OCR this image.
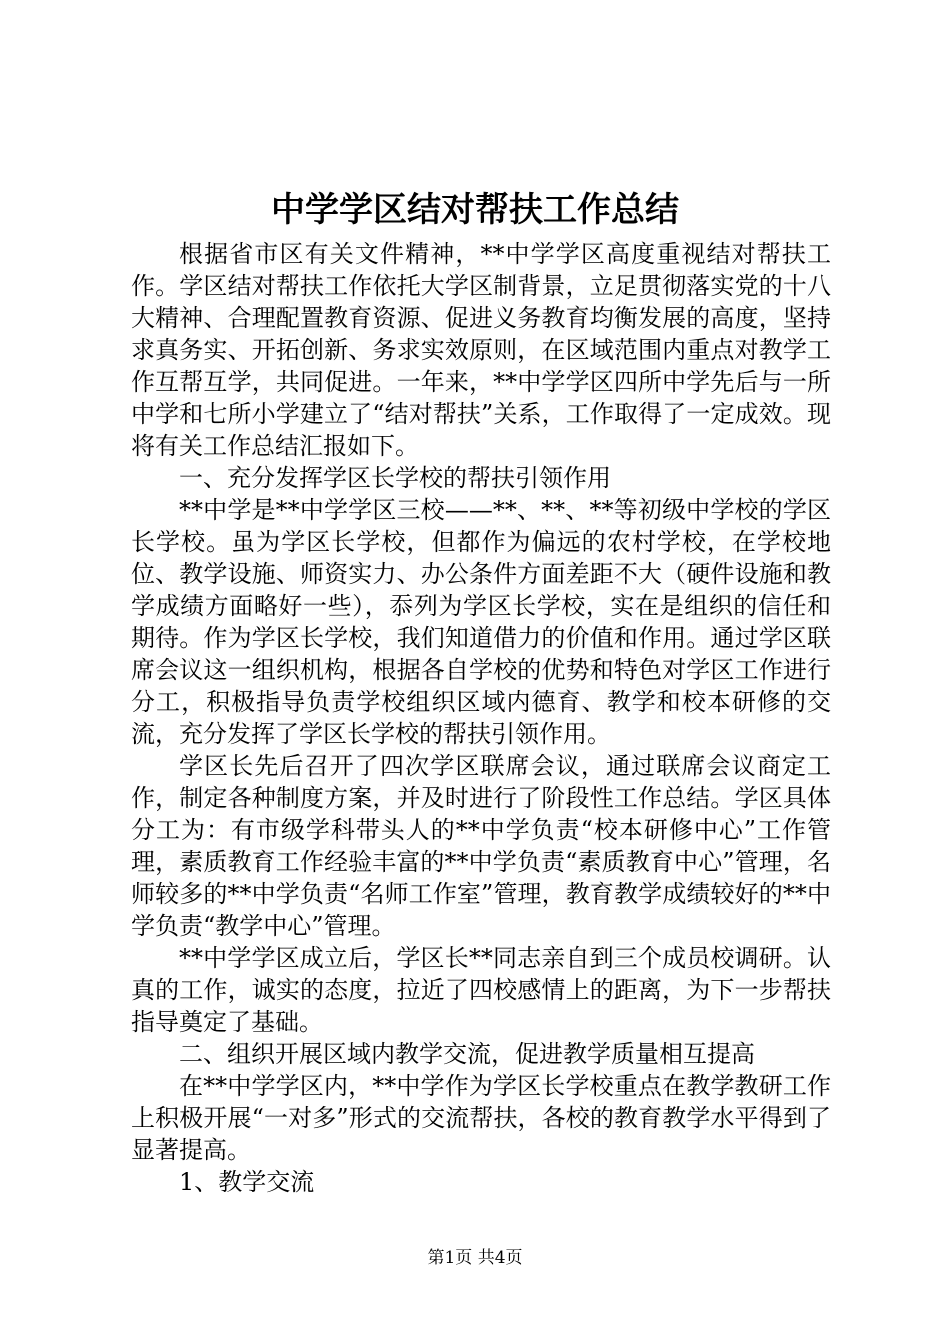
中学学区结对帮扶工作总结

根据省市区有关文件精神，**中学学区高度重视结对帮扶工作。学区结对帮扶工作依托大学区制背景，立足贯彻落实党的十八大精神、合理配置教育资源、促进义务教育均衡发展的高度，坚持求真务实、开拓创新、务求实效原则，在区域范围内重点对教学工作互帮互学，共同促进。一年来，**中学学区四所中学先后与一所中学和七所小学建立了“结对帮扶”关系，工作取得了一定成效。现将有关工作总结汇报如下。

一、充分发挥学区长学校的帮扶引领作用

**中学是**中学学区三校——**、**、**等初级中学校的学区长学校。虽为学区长学校，但都作为偏远的农村学校，在学校地位、教学设施、师资实力、办公条件方面差距不大（硬件设施和教学成绩方面略好一些），忝列为学区长学校，实在是组织的信任和期待。作为学区长学校，我们知道借力的价值和作用。通过学区联席会议这一组织机构，根据各自学校的优势和特色对学区工作进行分工，积极指导负责学校组织区域内德育、教学和校本研修的交流，充分发挥了学区长学校的帮扶引领作用。

学区长先后召开了四次学区联席会议，通过联席会议商定工作，制定各种制度方案，并及时进行了阶段性工作总结。学区具体分工为：有市级学科带头人的**中学负责“校本研修中心”工作管理，素质教育工作经验丰富的**中学负责“素质教育中心”管理，名师较多的**中学负责“名师工作室”管理，教育教学成绩较好的**中学负责“教学中心”管理。

**中学学区成立后，学区长**同志亲自到三个成员校调研。认真的工作，诚实的态度，拉近了四校感情上的距离，为下一步帮扶指导奠定了基础。

二、组织开展区域内教学交流，促进教学质量相互提高

在**中学学区内，**中学作为学区长学校重点在教学教研工作上积极开展“一对多”形式的交流帮扶，各校的教育教学水平得到了显著提高。

1、教学交流

第1页 共4页
